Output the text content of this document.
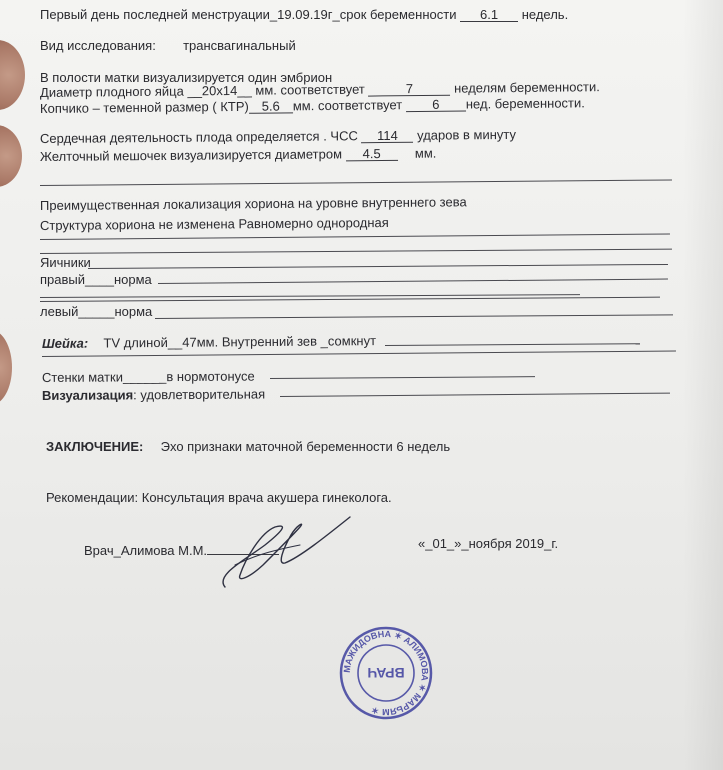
Первый день последней менструации_19.09.19г_срок беременности 6.1 недель.
Вид исследования: трансвагинальный
В полости матки визуализируется один эмбрион
Диаметр плодного яйца __20х14__ мм. соответствует	7	неделям беременности.
Копчико – теменной размер ( КТР) 5.6 мм. соответствует 6 нед. беременности.
Сердечная деятельность плода определяется . ЧСС 114 ударов в минуту
Желточный мешочек визуализируется диаметром 4.5	мм.
Преимущественная локализация хориона на уровне внутреннего зева
Структура хориона не изменена Равномерно однородная
Яичники
правый____норма
левый_____норма
Шейка: TV длиной__47мм. Внутренний зев _сомкнут
Стенки матки______в нормотонусе
Визуализация: удовлетворительная
ЗАКЛЮЧЕНИЕ: Эхо признаки маточной беременности 6 недель
Рекомендации: Консультация врача акушера гинеколога.
Врач_Алимова М.М.	«_01_»_ноября 2019_г.
МАЖИДОВНА ✶ АЛИМОВА ✶ МАРЬЯМ ✶
ВРАЧ
